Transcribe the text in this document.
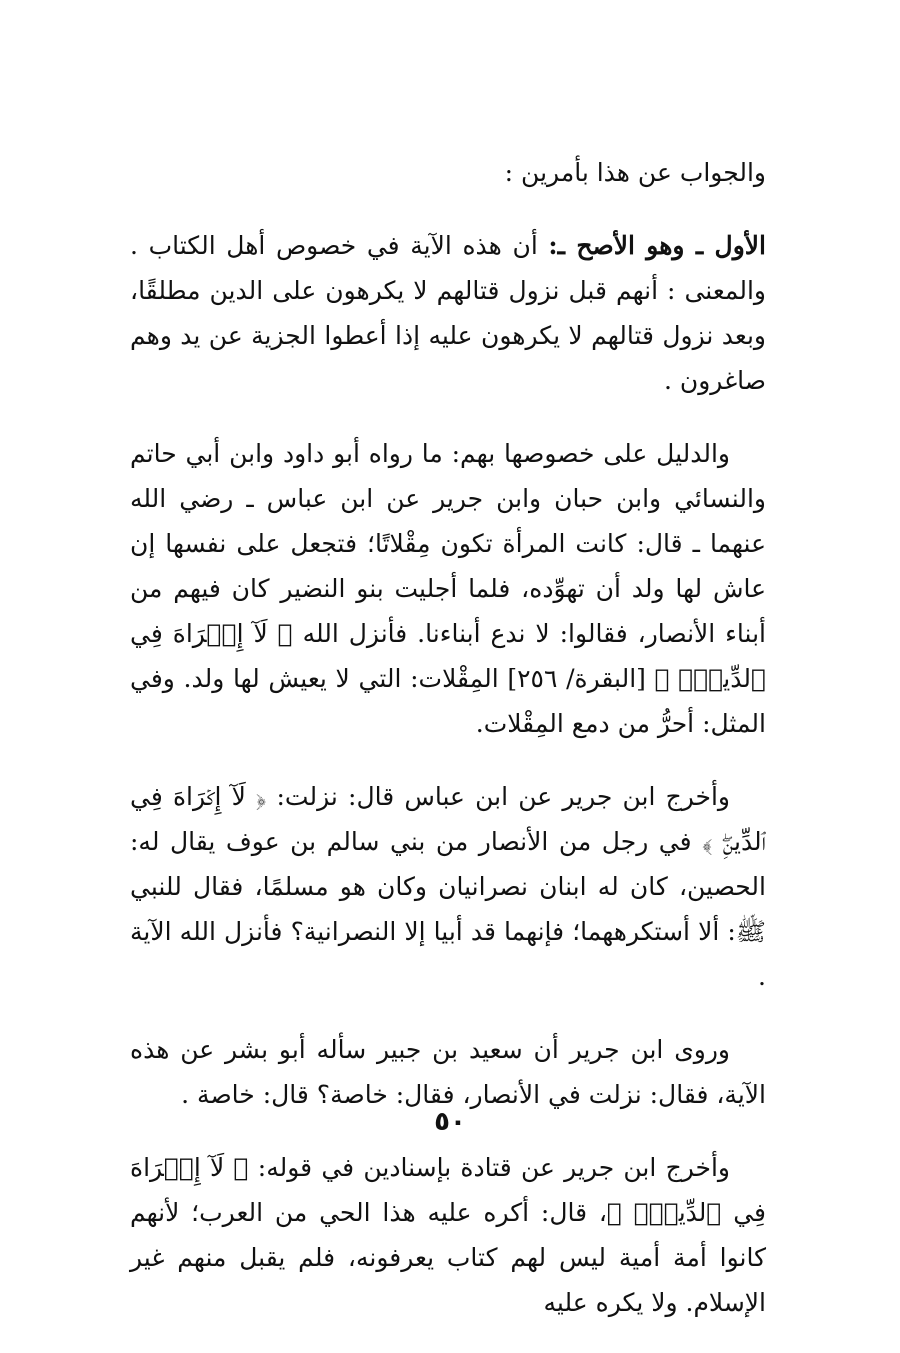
والجواب عن هذا بأمرين :

الأول ـ وهو الأصح ـ: أن هذه الآية في خصوص أهل الكتاب . والمعنى : أنهم قبل نزول قتالهم لا يكرهون على الدين مطلقًا، وبعد نزول قتالهم لا يكرهون عليه إذا أعطوا الجزية عن يد وهم صاغرون .

والدليل على خصوصها بهم: ما رواه أبو داود وابن أبي حاتم والنسائي وابن حبان وابن جرير عن ابن عباس ـ رضي الله عنهما ـ قال: كانت المرأة تكون مِقْلاتًا؛ فتجعل على نفسها إن عاش لها ولد أن تهوِّده، فلما أجليت بنو النضير كان فيهم من أبناء الأنصار، فقالوا: لا ندع أبناءنا. فأنزل الله ﴿ لَآ إِكۡرَاهَ فِي ٱلدِّينِۖ ﴾ [البقرة/ ٢٥٦] المِقْلات: التي لا يعيش لها ولد. وفي المثل: أحرُّ من دمع المِقْلات.

وأخرج ابن جرير عن ابن عباس قال: نزلت: ﴿ لَآ إِكۡرَاهَ فِي ٱلدِّينِۖ ﴾ في رجل من الأنصار من بني سالم بن عوف يقال له: الحصين، كان له ابنان نصرانيان وكان هو مسلمًا، فقال للنبي ﷺ: ألا أستكرههما؛ فإنهما قد أبيا إلا النصرانية؟ فأنزل الله الآية .

وروى ابن جرير أن سعيد بن جبير سأله أبو بشر عن هذه الآية، فقال: نزلت في الأنصار، فقال: خاصة؟ قال: خاصة .

وأخرج ابن جرير عن قتادة بإسنادين في قوله: ﴿ لَآ إِكۡرَاهَ فِي ٱلدِّينِۖ ﴾، قال: أكره عليه هذا الحي من العرب؛ لأنهم كانوا أمة أمية ليس لهم كتاب يعرفونه، فلم يقبل منهم غير الإسلام. ولا يكره عليه

٥٠
